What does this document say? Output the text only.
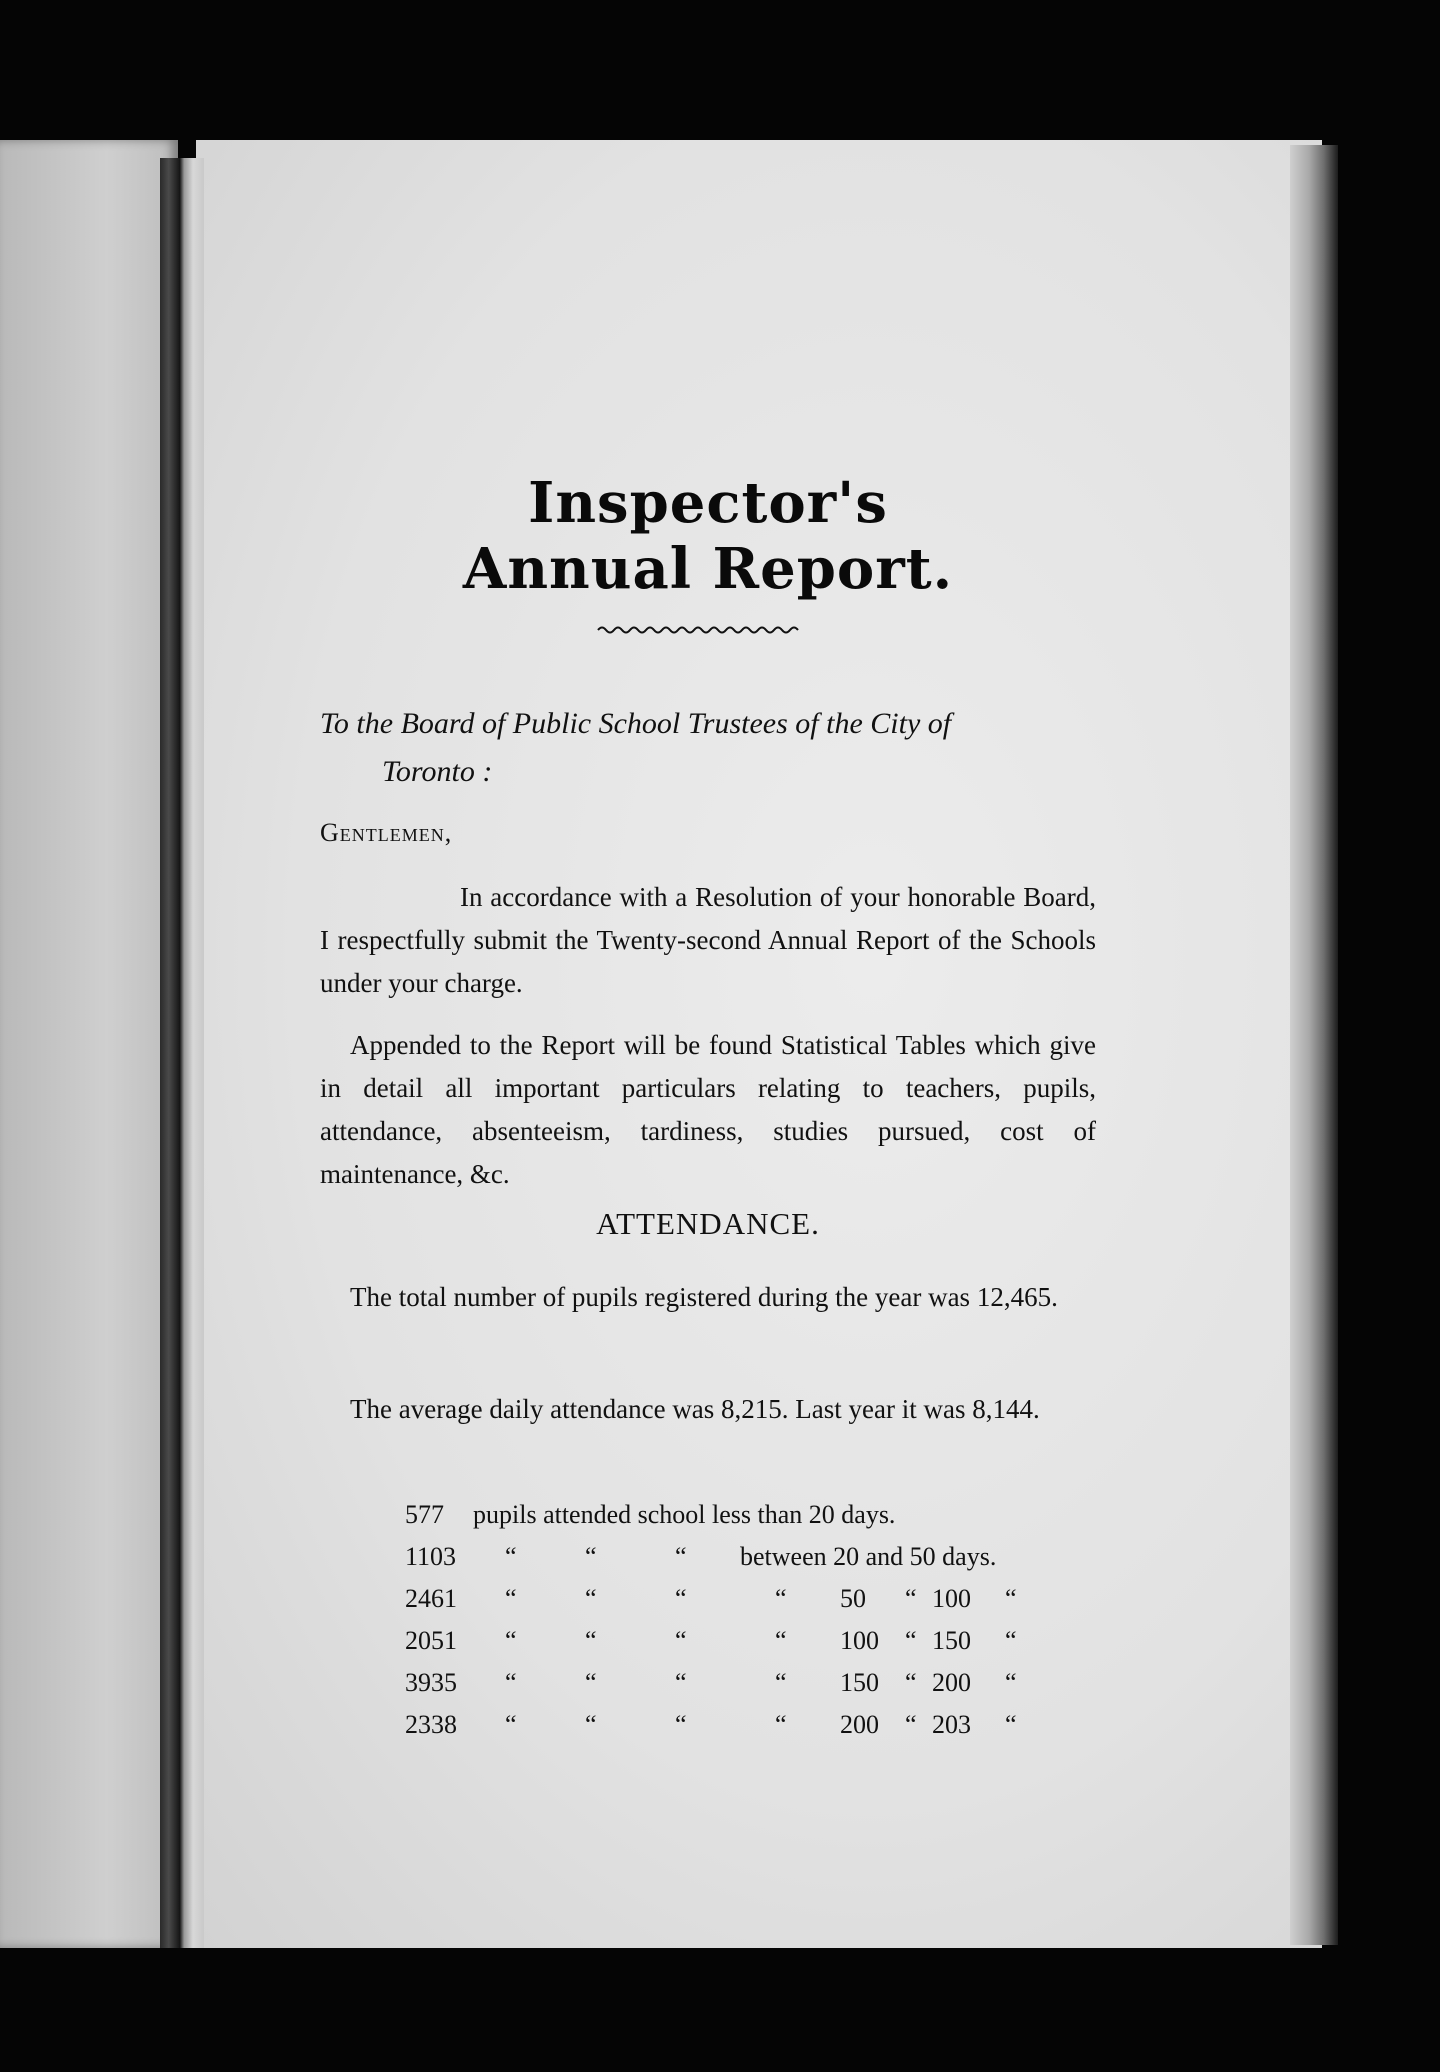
Inspector's Annual Report.
To the Board of Public School Trustees of the City of
Toronto :
Gentlemen,
In accordance with a Resolution of your honorable Board, I respectfully submit the Twenty-second Annual Report of the Schools under your charge.
Appended to the Report will be found Statistical Tables which give in detail all important particulars relating to teachers, pupils, attendance, absenteeism, tardiness, studies pursued, cost of maintenance, &c.
ATTENDANCE.
The total number of pupils registered during the year was 12,465.
The average daily attendance was 8,215. Last year it was 8,144.
577 pupils attended school less than 20 days.
1103 “	“	“ between 20 and 50 days.
2461 “	“	“	“ 50 “ 100 “
2051 “	“	“	“ 100 “ 150 “
3935 “	“	“	“ 150 “ 200 “
2338 “	“	“	“ 200 “ 203 “
